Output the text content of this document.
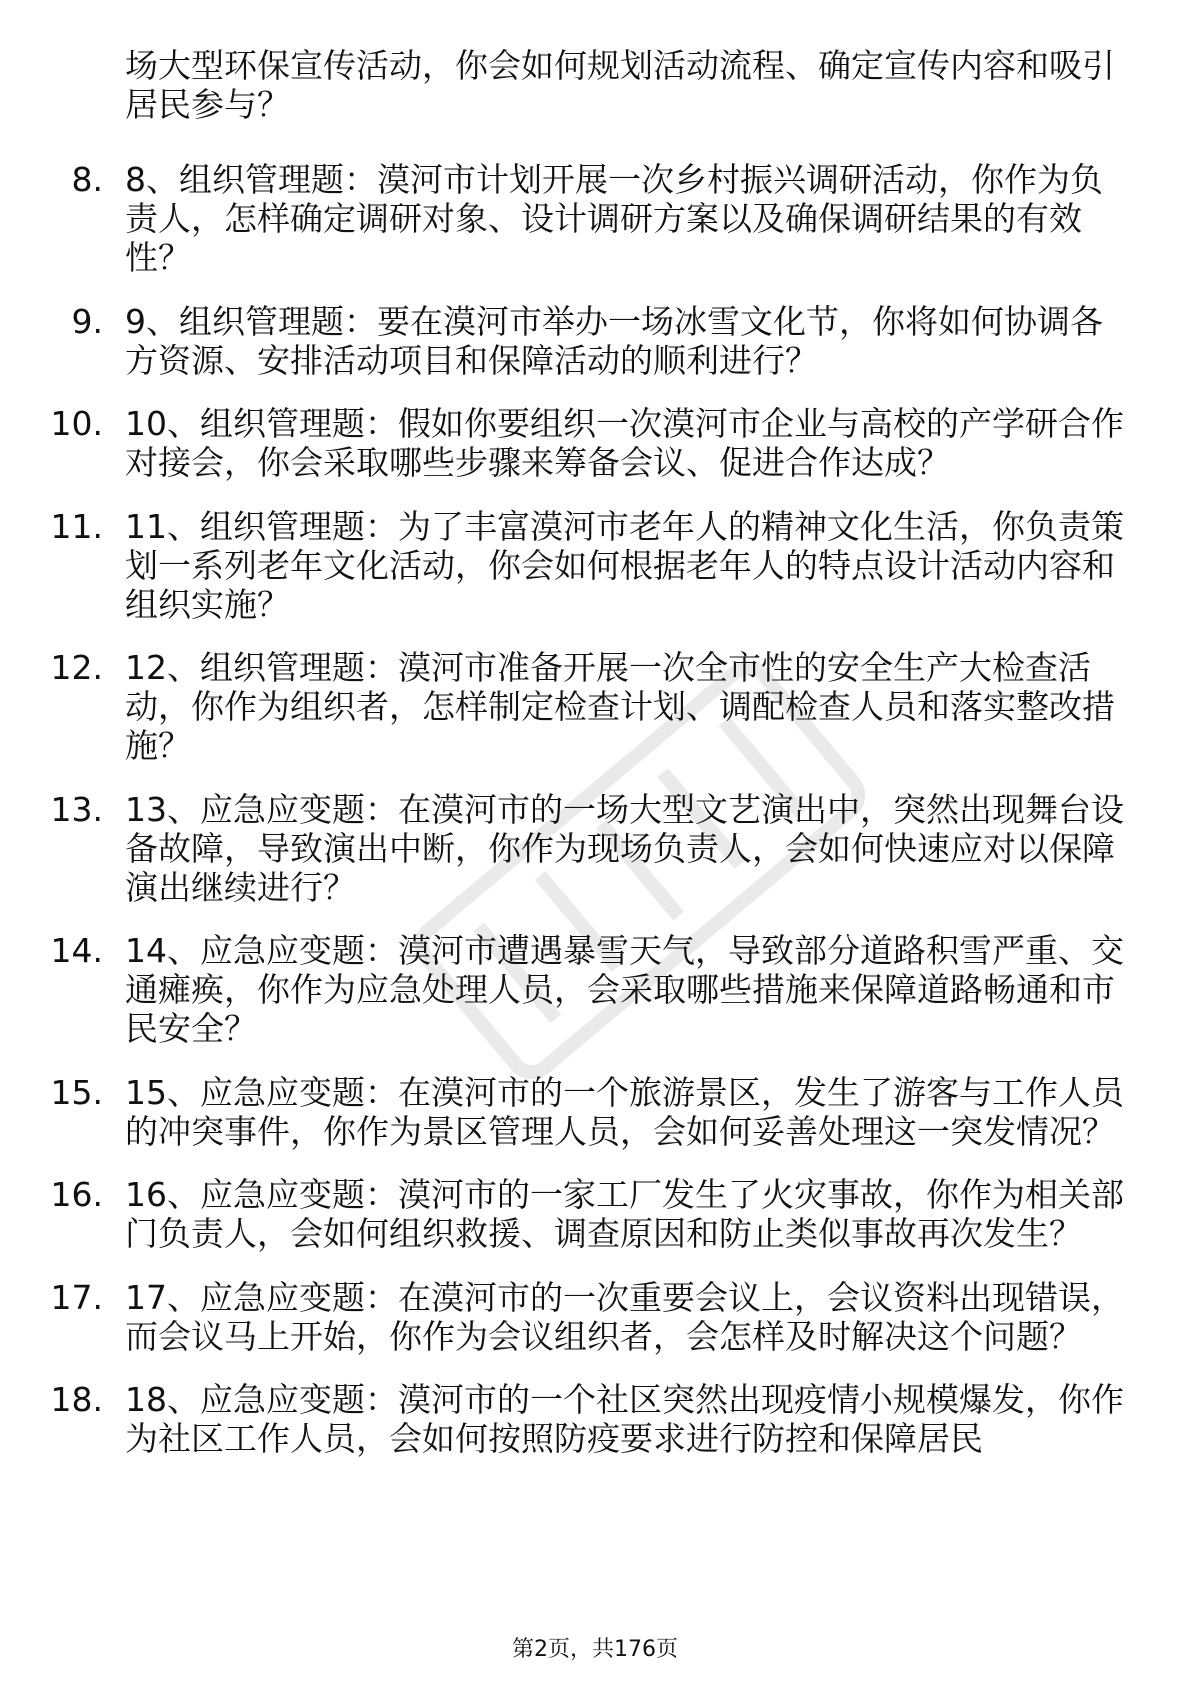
场大型环保宣传活动，你会如何规划活动流程、确定宣传内容和吸引居民参与？

8. 8、组织管理题：漠河市计划开展一次乡村振兴调研活动，你作为负责人，怎样确定调研对象、设计调研方案以及确保调研结果的有效性？
9. 9、组织管理题：要在漠河市举办一场冰雪文化节，你将如何协调各方资源、安排活动项目和保障活动的顺利进行？
10. 10、组织管理题：假如你要组织一次漠河市企业与高校的产学研合作对接会，你会采取哪些步骤来筹备会议、促进合作达成？
11. 11、组织管理题：为了丰富漠河市老年人的精神文化生活，你负责策划一系列老年文化活动，你会如何根据老年人的特点设计活动内容和组织实施？
12. 12、组织管理题：漠河市准备开展一次全市性的安全生产大检查活动，你作为组织者，怎样制定检查计划、调配检查人员和落实整改措施？
13. 13、应急应变题：在漠河市的一场大型文艺演出中，突然出现舞台设备故障，导致演出中断，你作为现场负责人，会如何快速应对以保障演出继续进行？
14. 14、应急应变题：漠河市遭遇暴雪天气，导致部分道路积雪严重、交通瘫痪，你作为应急处理人员，会采取哪些措施来保障道路畅通和市民安全？
15. 15、应急应变题：在漠河市的一个旅游景区，发生了游客与工作人员的冲突事件，你作为景区管理人员，会如何妥善处理这一突发情况？
16. 16、应急应变题：漠河市的一家工厂发生了火灾事故，你作为相关部门负责人，会如何组织救援、调查原因和防止类似事故再次发生？
17. 17、应急应变题：在漠河市的一次重要会议上，会议资料出现错误，而会议马上开始，你作为会议组织者，会怎样及时解决这个问题？
18. 18、应急应变题：漠河市的一个社区突然出现疫情小规模爆发，你作为社区工作人员，会如何按照防疫要求进行防控和保障居民
第2页，共176页
